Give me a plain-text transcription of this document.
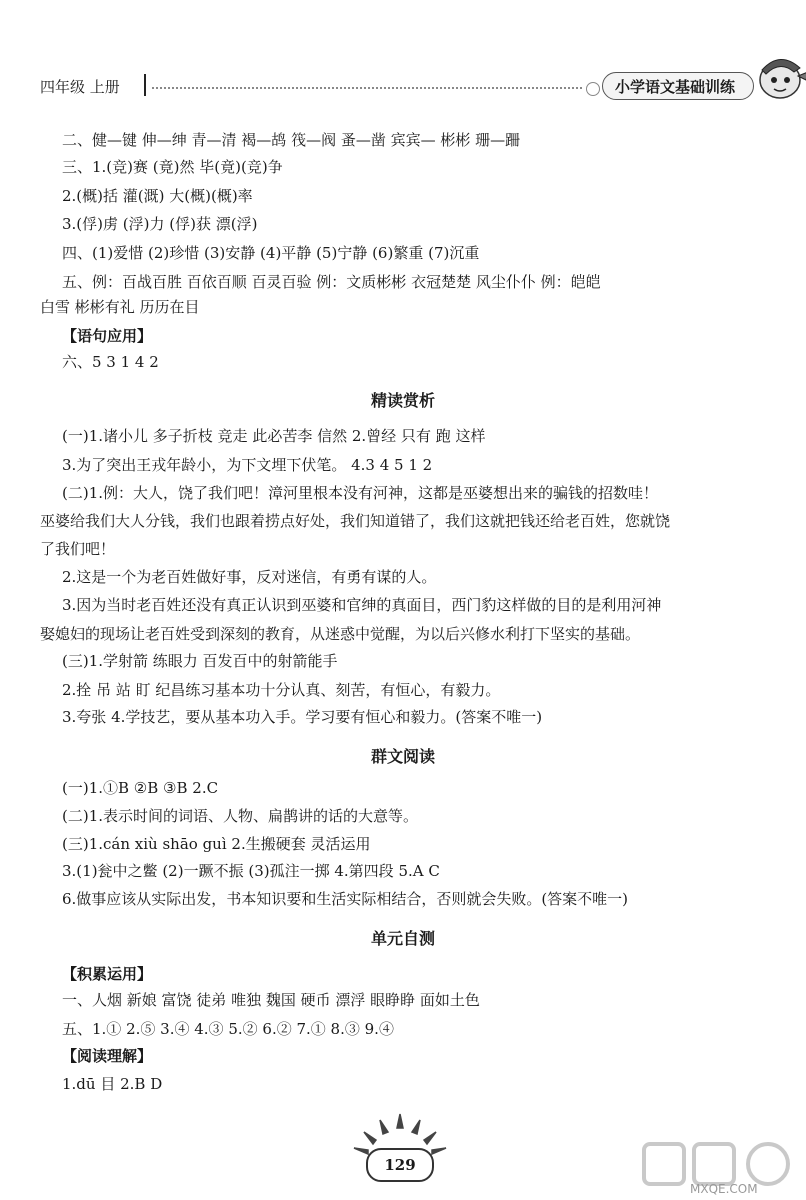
四年级 上册	小学语文基础训练
二、健—键 伸—绅 青—清 褐—鸪 筏—阀 蚤—凿 宾宾— 彬彬 珊—跚
三、1.(竞)赛 (竟)然 毕(竟)(竞)争
2.(概)括 灌(溉) 大(概)(概)率
3.(俘)虏 (浮)力 (俘)获 漂(浮)
四、(1)爱惜 (2)珍惜 (3)安静 (4)平静 (5)宁静 (6)繁重 (7)沉重
五、例：百战百胜 百依百顺 百灵百验 例：文质彬彬 衣冠楚楚 风尘仆仆 例：皑皑
白雪 彬彬有礼 历历在目
【语句应用】
六、5 3 1 4 2
精读赏析
(一)1.诸小儿 多子折枝 竞走 此必苦李 信然 2.曾经 只有 跑 这样
3.为了突出王戎年龄小，为下文埋下伏笔。 4.3 4 5 1 2
(二)1.例：大人，饶了我们吧！漳河里根本没有河神，这都是巫婆想出来的骗钱的招数哇！
巫婆给我们大人分钱，我们也跟着捞点好处，我们知道错了，我们这就把钱还给老百姓，您就饶
了我们吧！
2.这是一个为老百姓做好事，反对迷信，有勇有谋的人。
3.因为当时老百姓还没有真正认识到巫婆和官绅的真面目，西门豹这样做的目的是利用河神
娶媳妇的现场让老百姓受到深刻的教育，从迷惑中觉醒，为以后兴修水利打下坚实的基础。
(三)1.学射箭 练眼力 百发百中的射箭能手
2.拴 吊 站 盯 纪昌练习基本功十分认真、刻苦，有恒心，有毅力。
3.夸张 4.学技艺，要从基本功入手。学习要有恒心和毅力。(答案不唯一)
群文阅读
(一)1.①B ②B ③B 2.C
(二)1.表示时间的词语、人物、扁鹊讲的话的大意等。
(三)1.cán xiù shāo guì 2.生搬硬套 灵活运用
3.(1)瓮中之鳖 (2)一蹶不振 (3)孤注一掷 4.第四段 5.A C
6.做事应该从实际出发，书本知识要和生活实际相结合，否则就会失败。(答案不唯一)
单元自测
【积累运用】
一、人烟 新娘 富饶 徒弟 唯独 魏国 硬币 漂浮 眼睁睁 面如土色
五、1.① 2.⑤ 3.④ 4.③ 5.② 6.② 7.① 8.③ 9.④
【阅读理解】
1.dū 目 2.B D
129
MXQE.COM
